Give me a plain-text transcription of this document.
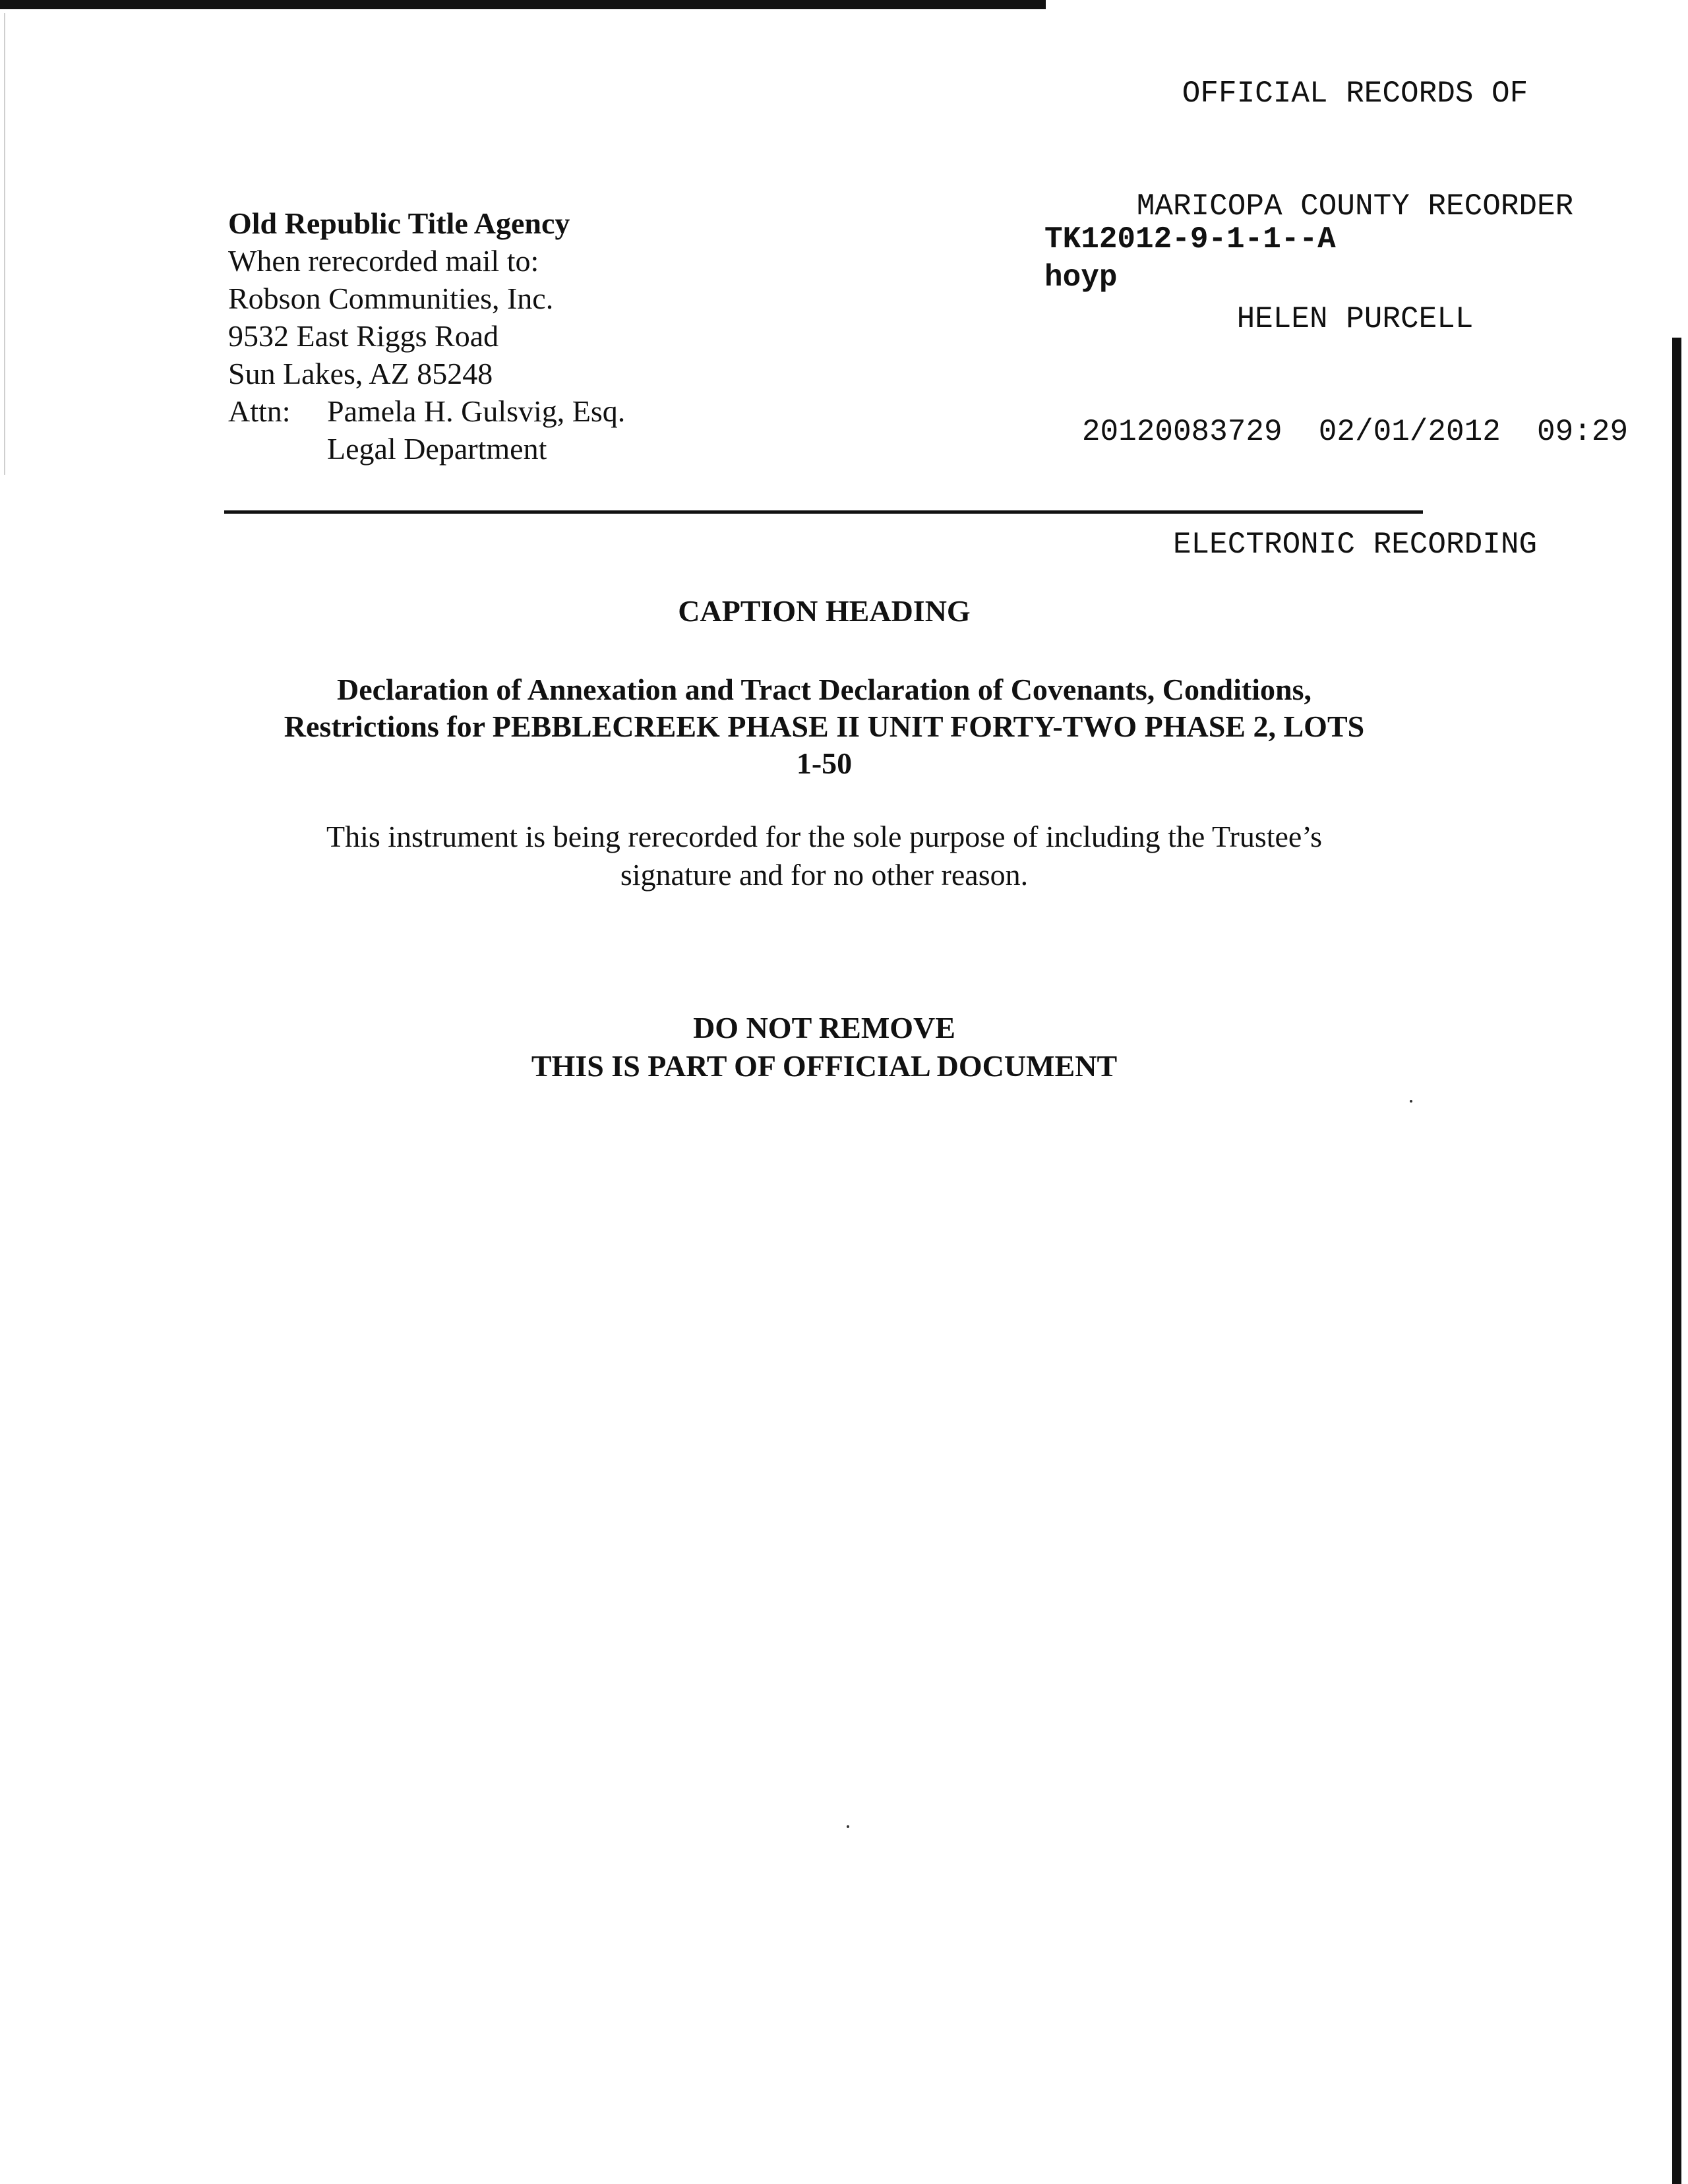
OFFICIAL RECORDS OF

MARICOPA COUNTY RECORDER

HELEN PURCELL

20120083729  02/01/2012  09:29

ELECTRONIC RECORDING

TK12012-9-1-1--A
hoyp
Old Republic Title Agency
When rerecorded mail to:
Robson Communities, Inc.
9532 East Riggs Road
Sun Lakes, AZ 85248
Attn: Pamela H. Gulsvig, Esq.
Legal Department
CAPTION HEADING
Declaration of Annexation and Tract Declaration of Covenants, Conditions,
Restrictions for PEBBLECREEK PHASE II UNIT FORTY-TWO PHASE 2, LOTS
1-50
This instrument is being rerecorded for the sole purpose of including the Trustee’s
signature and for no other reason.
DO NOT REMOVE
THIS IS PART OF OFFICIAL DOCUMENT
